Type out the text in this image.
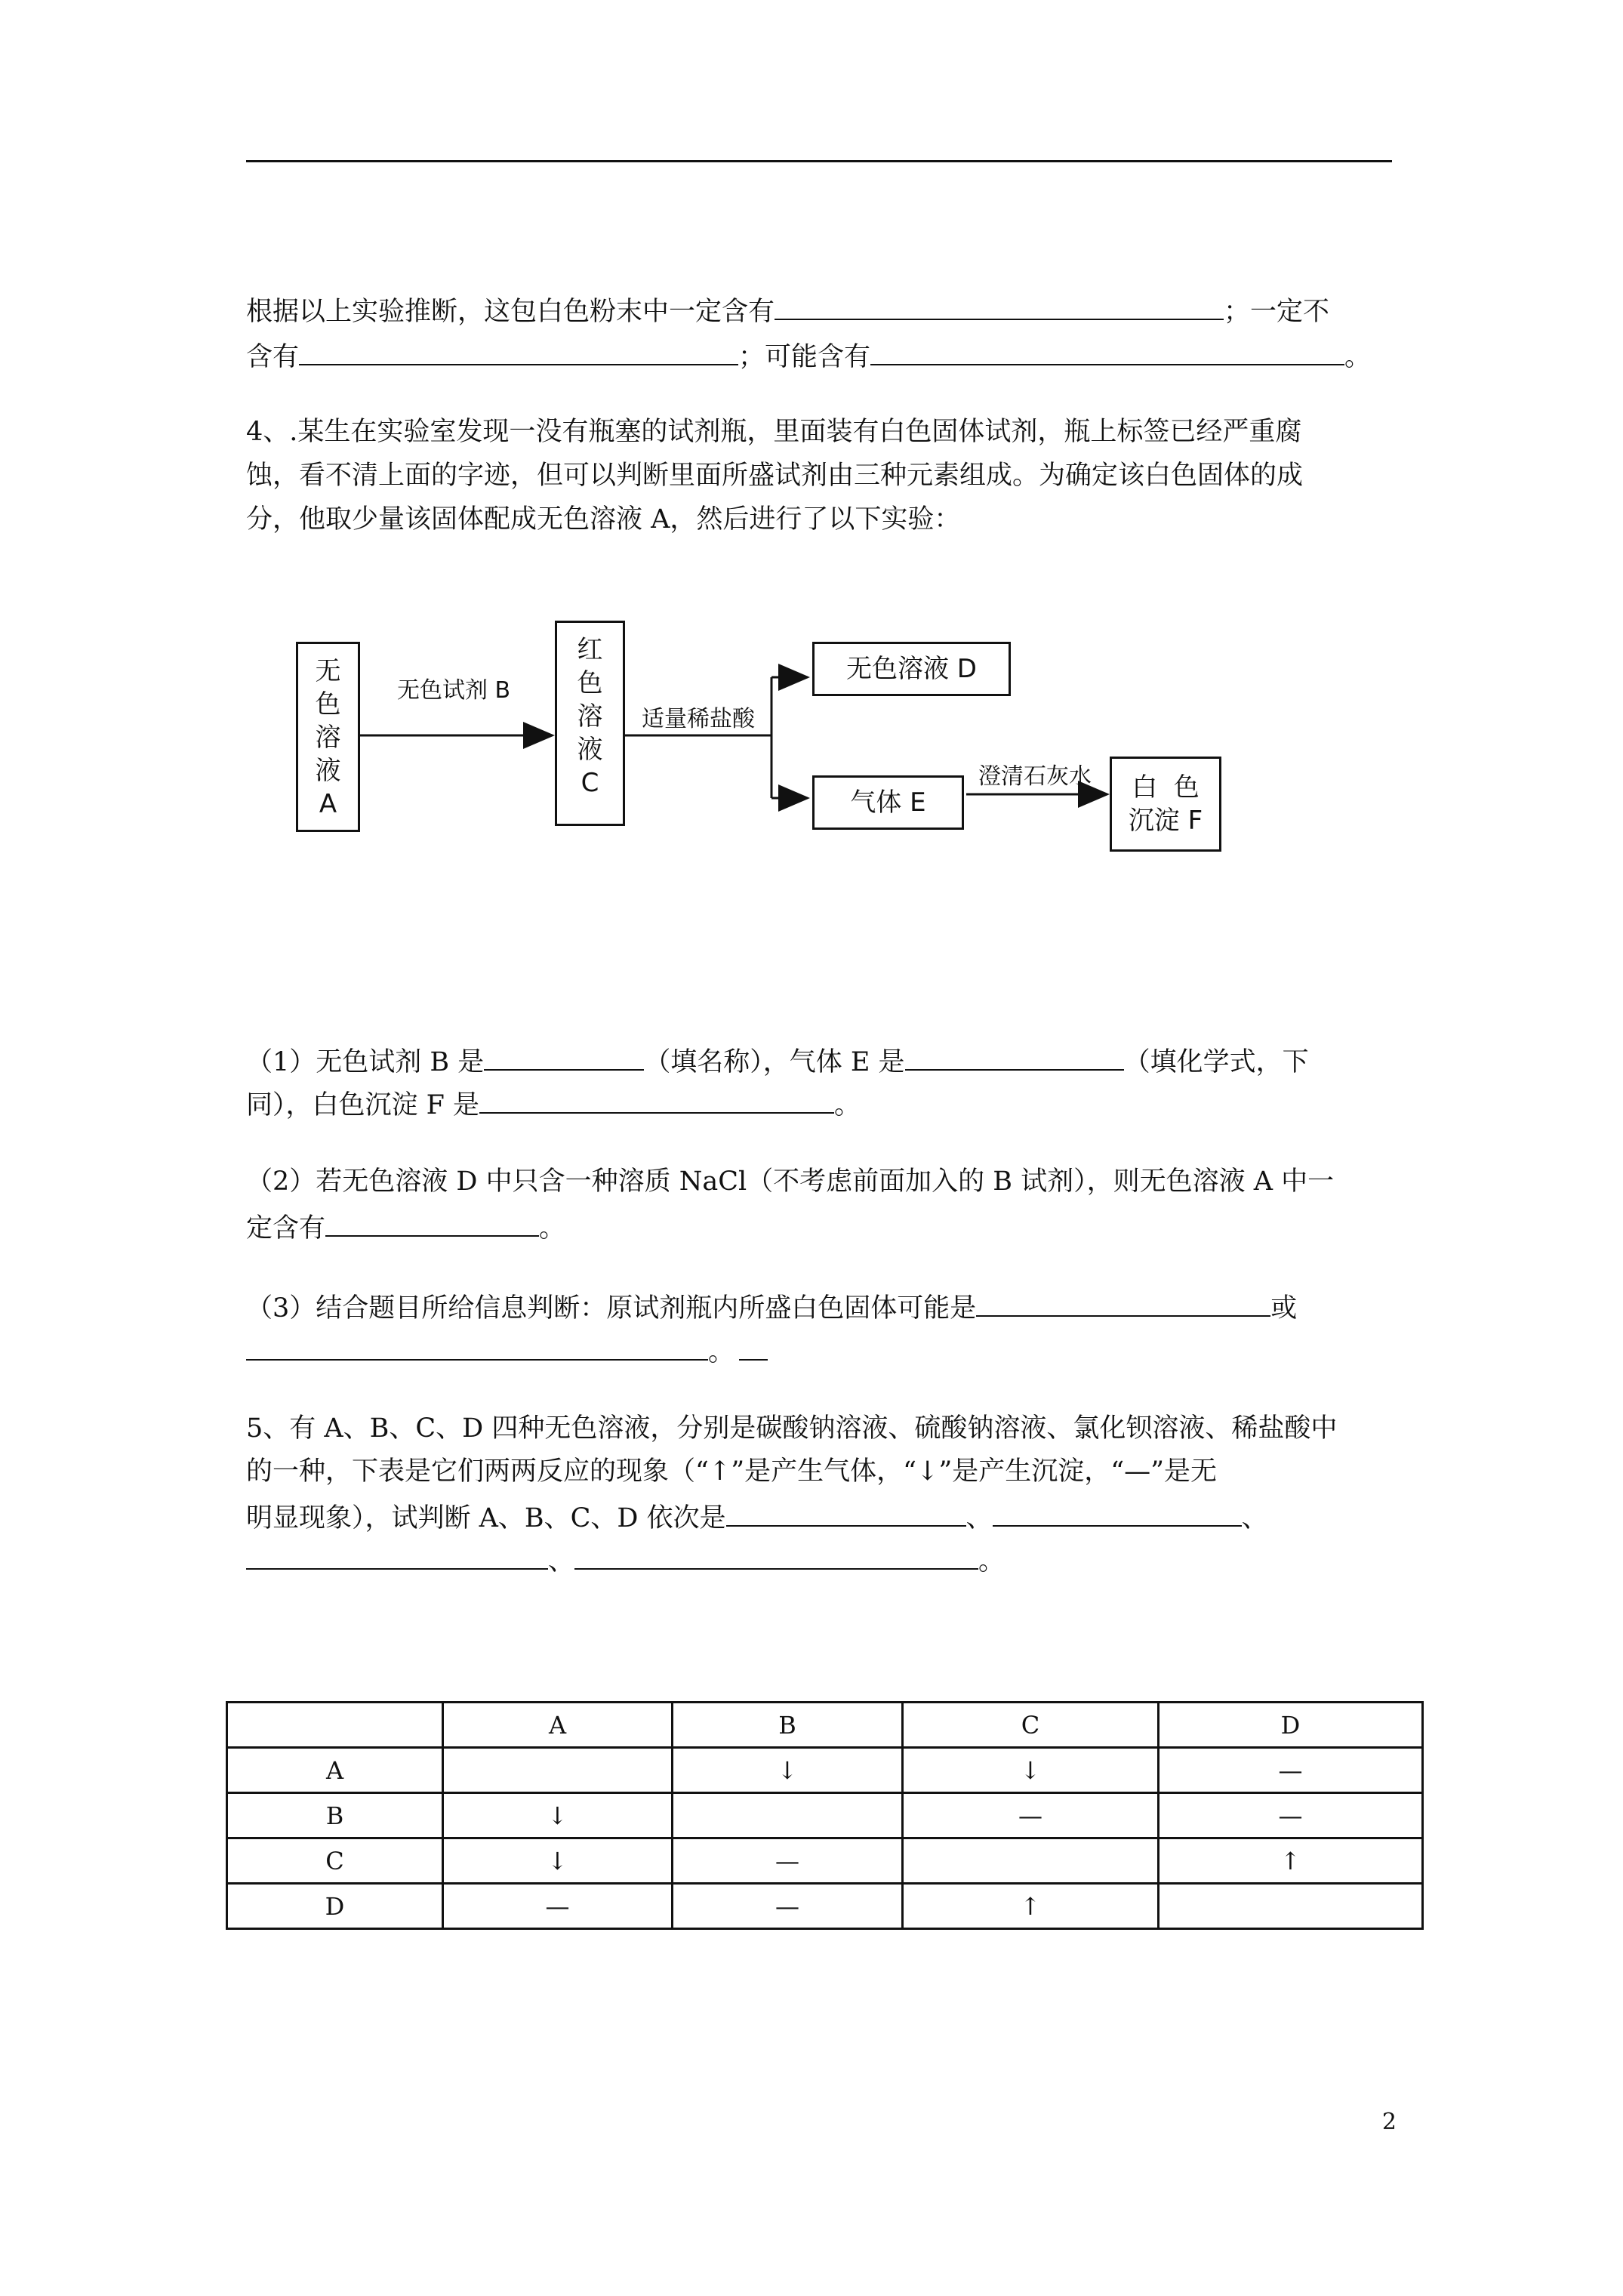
根据以上实验推断，这包白色粉末中一定含有	；一定不
含有	；可能含有	。
4、.某生在实验室发现一没有瓶塞的试剂瓶，里面装有白色固体试剂，瓶上标签已经严重腐
蚀，看不清上面的字迹，但可以判断里面所盛试剂由三种元素组成。为确定该白色固体的成
分，他取少量该固体配成无色溶液 A，然后进行了以下实验：
无
色
溶
液
A
无色试剂 B
红
色
溶
液
C
适量稀盐酸
无色溶液 D
气体 E
澄清石灰水 白  色
沉淀 F
（1）无色试剂 B 是	（填名称），气体 E 是	（填化学式，下
同），白色沉淀 F 是	。
（2）若无色溶液 D 中只含一种溶质 NaCl（不考虑前面加入的 B 试剂），则无色溶液 A 中一
定含有	。
（3）结合题目所给信息判断：原试剂瓶内所盛白色固体可能是	或
。
5、有 A、B、C、D 四种无色溶液，分别是碳酸钠溶液、硫酸钠溶液、氯化钡溶液、稀盐酸中
的一种，下表是它们两两反应的现象（“↑”是产生气体，“↓”是产生沉淀，“—”是无
明显现象），试判断 A、B、C、D 依次是	、	、
、	。
	A	B	C	D
A		↓	↓	—
B	↓		—	—
C	↓	—		↑
D	—	—	↑	
2
